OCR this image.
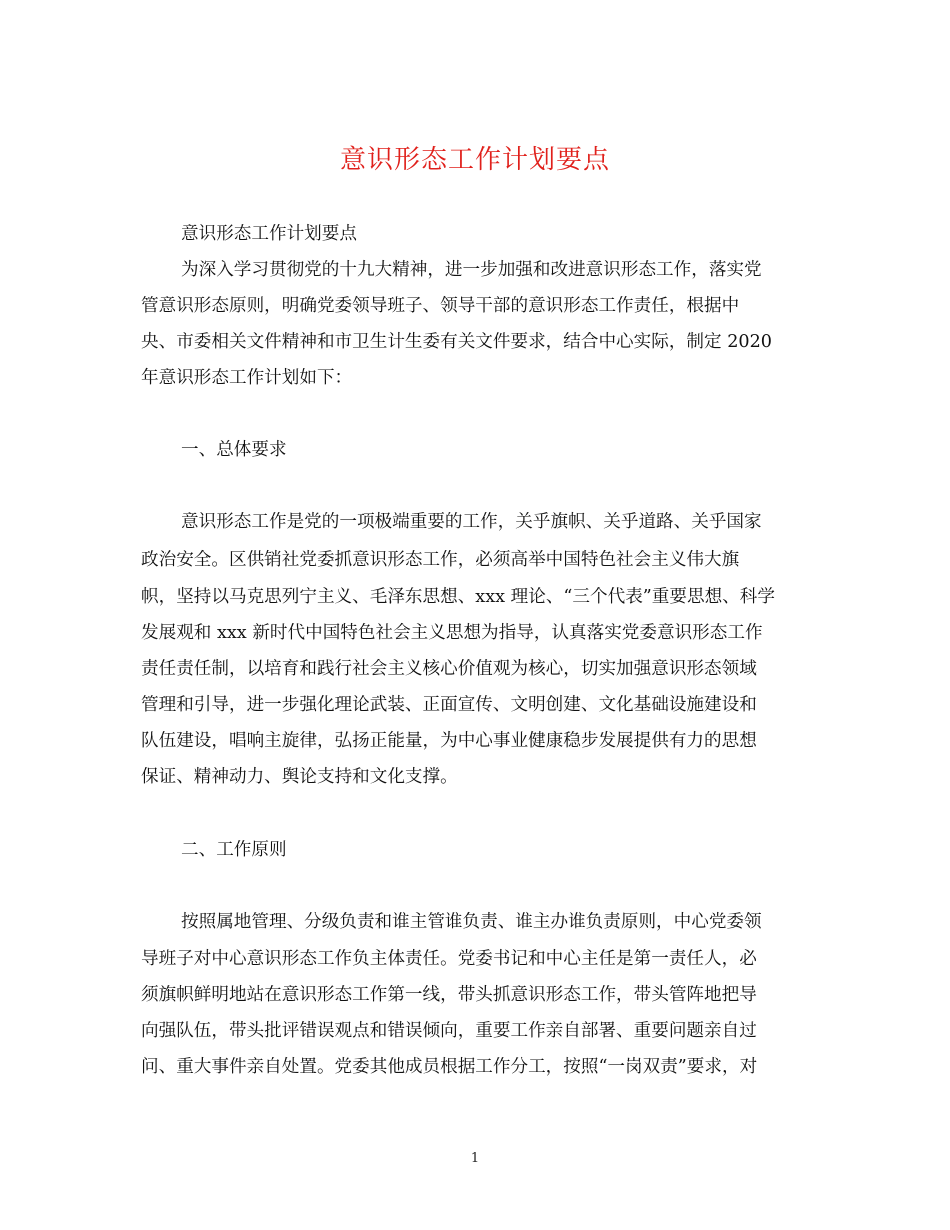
意识形态工作计划要点
意识形态工作计划要点
为深入学习贯彻党的十九大精神，进一步加强和改进意识形态工作，落实党
管意识形态原则，明确党委领导班子、领导干部的意识形态工作责任，根据中
央、市委相关文件精神和市卫生计生委有关文件要求，结合中心实际，制定 2020
年意识形态工作计划如下：
一、总体要求
意识形态工作是党的一项极端重要的工作，关乎旗帜、关乎道路、关乎国家
政治安全。区供销社党委抓意识形态工作，必须高举中国特色社会主义伟大旗
帜，坚持以马克思列宁主义、毛泽东思想、xxx 理论、“三个代表”重要思想、科学
发展观和 xxx 新时代中国特色社会主义思想为指导，认真落实党委意识形态工作
责任责任制，以培育和践行社会主义核心价值观为核心，切实加强意识形态领域
管理和引导，进一步强化理论武装、正面宣传、文明创建、文化基础设施建设和
队伍建设，唱响主旋律，弘扬正能量，为中心事业健康稳步发展提供有力的思想
保证、精神动力、舆论支持和文化支撑。
二、工作原则
按照属地管理、分级负责和谁主管谁负责、谁主办谁负责原则，中心党委领
导班子对中心意识形态工作负主体责任。党委书记和中心主任是第一责任人，必
须旗帜鲜明地站在意识形态工作第一线，带头抓意识形态工作，带头管阵地把导
向强队伍，带头批评错误观点和错误倾向，重要工作亲自部署、重要问题亲自过
问、重大事件亲自处置。党委其他成员根据工作分工，按照“一岗双责”要求，对
1
